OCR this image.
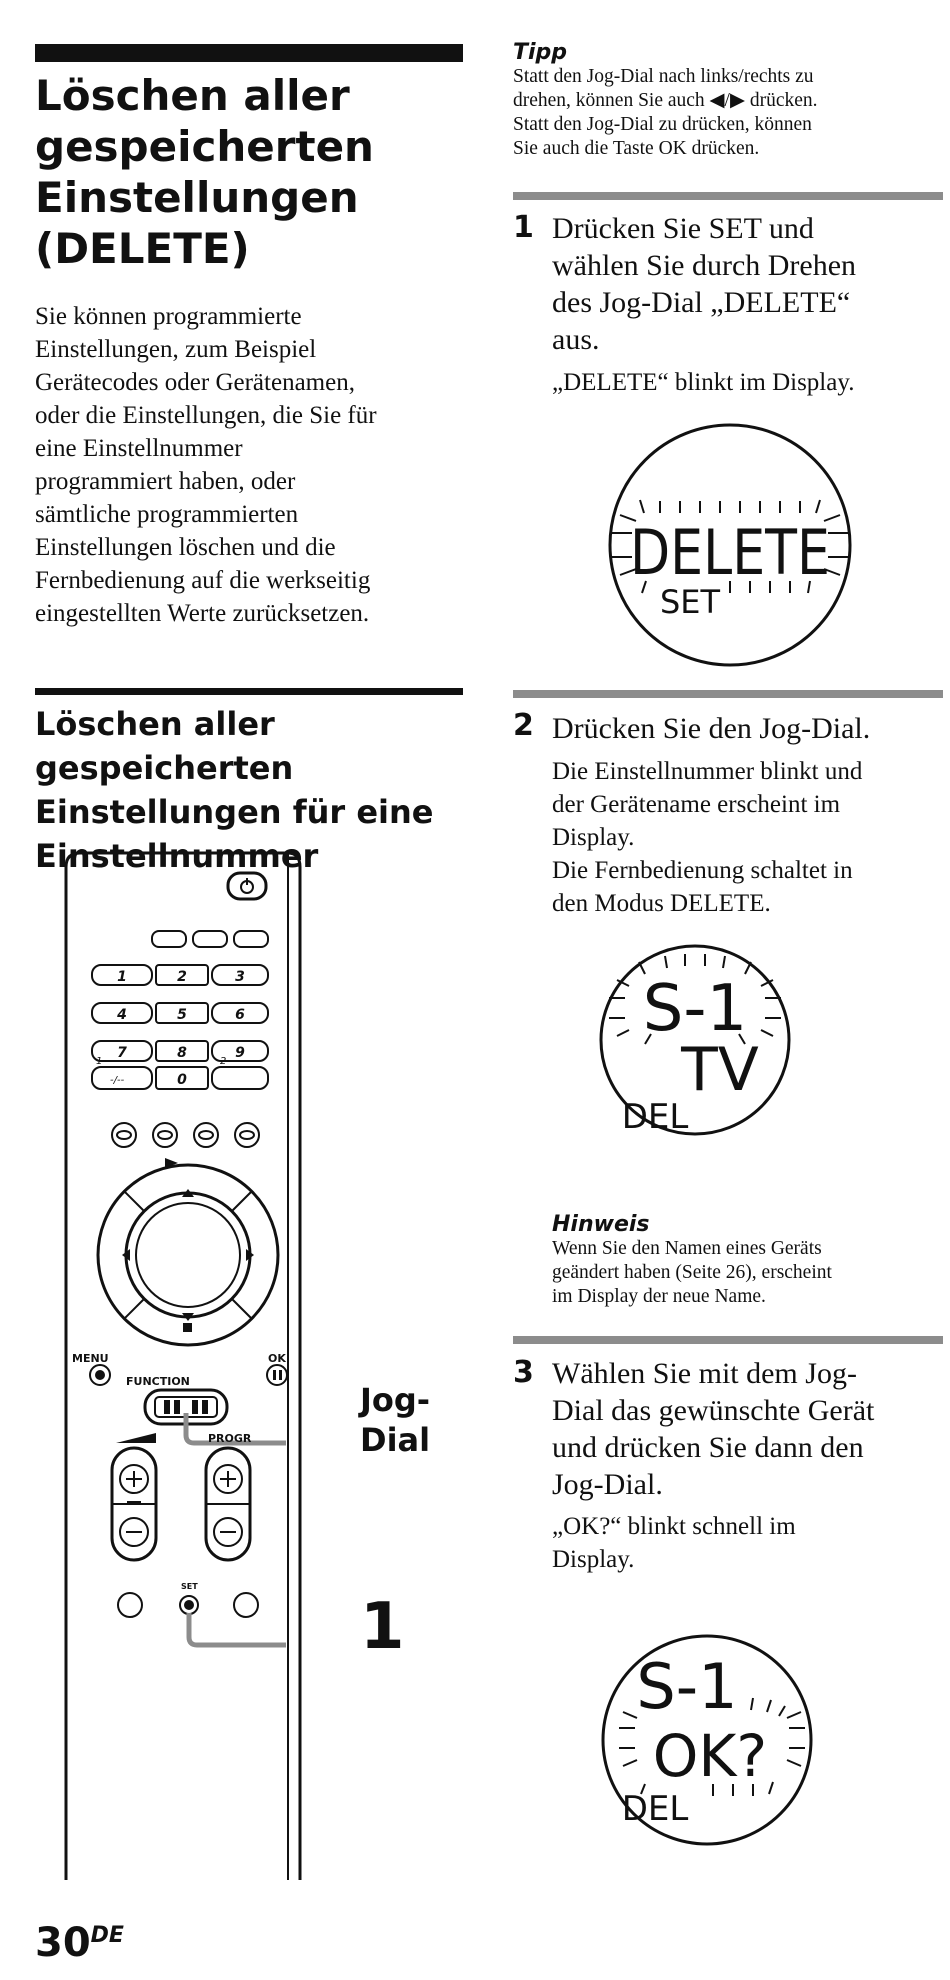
Löschen aller
gespeicherten
Einstellungen
(DELETE)
Sie können programmierte
Einstellungen, zum Beispiel
Gerätecodes oder Gerätenamen,
oder die Einstellungen, die Sie für
eine Einstellnummer
programmiert haben, oder
sämtliche programmierten
Einstellungen löschen und die
Fernbedienung auf die werkseitig
eingestellten Werte zurücksetzen.
Löschen aller gespeicherten
Einstellungen für eine
Einstellnummer
1	2	3
4	5	6
7	8	9
0
1-
-/--
2-
MENU	OK
FUNCTION
PROGR
SET
Jog-
Dial
1
Tipp
Statt den Jog-Dial nach links/rechts zu
drehen, können Sie auch ◀/▶ drücken.
Statt den Jog-Dial zu drücken, können
Sie auch die Taste OK drücken.
1 Drücken Sie SET und
wählen Sie durch Drehen
des Jog-Dial „DELETE“
aus.
„DELETE“ blinkt im Display.
DELETE
SET
2 Drücken Sie den Jog-Dial.
Die Einstellnummer blinkt und
der Gerätename erscheint im
Display.
Die Fernbedienung schaltet in
den Modus DELETE.
S-1
TV
DEL
Hinweis
Wenn Sie den Namen eines Geräts
geändert haben (Seite 26), erscheint
im Display der neue Name.
3 Wählen Sie mit dem Jog-
Dial das gewünschte Gerät
und drücken Sie dann den
Jog-Dial.
„OK?“ blinkt schnell im
Display.
S-1
OK?
DEL
30DE
